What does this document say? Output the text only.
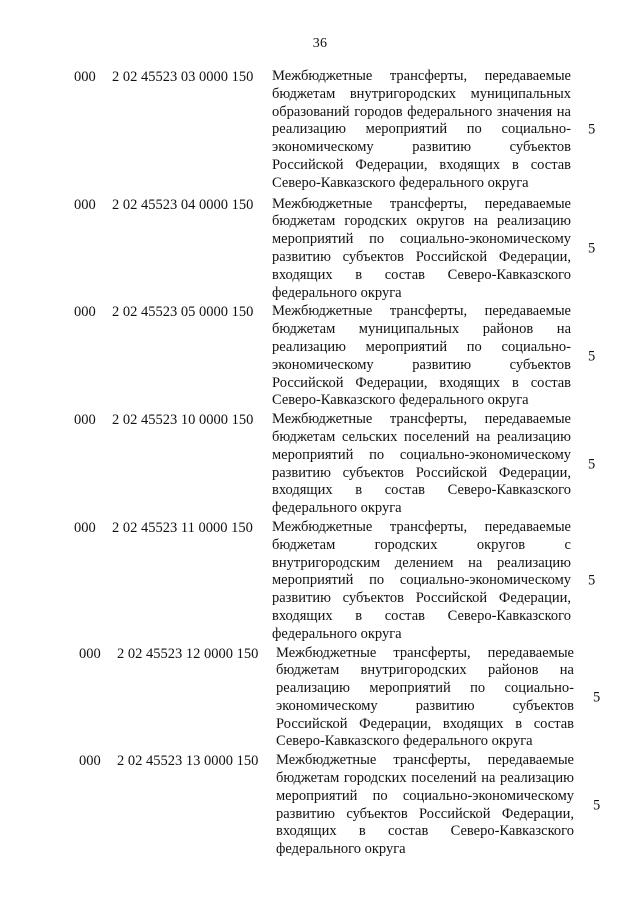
36
000 2 02 45523 03 0000 150 Межбюджетные трансферты, передаваемые бюджетам внутригородских муниципальных образований городов федерального значения на реализацию мероприятий по социально-экономическому развитию субъектов Российской Федерации, входящих в состав Северо-Кавказского федерального округа
5
000 2 02 45523 04 0000 150 Межбюджетные трансферты, передаваемые бюджетам городских округов на реализацию мероприятий по социально-экономическому развитию субъектов Российской Федерации, входящих в состав Северо-Кавказского федерального округа
5
000 2 02 45523 05 0000 150 Межбюджетные трансферты, передаваемые бюджетам муниципальных районов на реализацию мероприятий по социально-экономическому развитию субъектов Российской Федерации, входящих в состав Северо-Кавказского федерального округа
5
000 2 02 45523 10 0000 150 Межбюджетные трансферты, передаваемые бюджетам сельских поселений на реализацию мероприятий по социально-экономическому развитию субъектов Российской Федерации, входящих в состав Северо-Кавказского федерального округа
5
000 2 02 45523 11 0000 150 Межбюджетные трансферты, передаваемые бюджетам городских округов с внутригородским делением на реализацию мероприятий по социально-экономическому развитию субъектов Российской Федерации, входящих в состав Северо-Кавказского федерального округа
5
000 2 02 45523 12 0000 150 Межбюджетные трансферты, передаваемые бюджетам внутригородских районов на реализацию мероприятий по социально-экономическому развитию субъектов Российской Федерации, входящих в состав Северо-Кавказского федерального округа
5
000 2 02 45523 13 0000 150 Межбюджетные трансферты, передаваемые бюджетам городских поселений на реализацию мероприятий по социально-экономическому развитию субъектов Российской Федерации, входящих в состав Северо-Кавказского федерального округа
5
